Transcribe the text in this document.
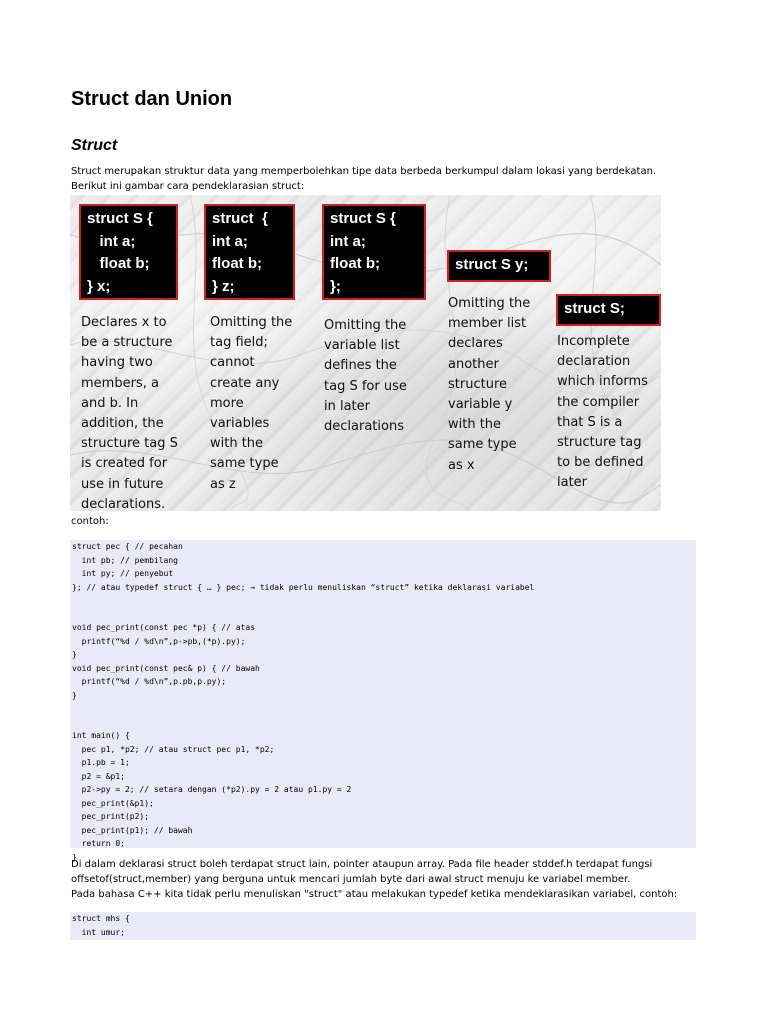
Struct dan Union
Struct
Struct merupakan struktur data yang memperbolehkan tipe data berbeda berkumpul dalam lokasi yang berdekatan.
Berikut ini gambar cara pendeklarasian struct:
struct S {
int a;
float b;
} x;
Declares x to
be a structure
having two
members, a
and b. In
addition, the
structure tag S
is created for
use in future
declarations.
struct  {
int a;
float b;
} z;
Omitting the
tag field;
cannot
create any
more
variables
with the
same type
as z
struct S {
int a;
float b;
};
Omitting the
variable list
defines the
tag S for use
in later
declarations
struct S y;
Omitting the
member list
declares
another
structure
variable y
with the
same type
as x
struct S;
Incomplete
declaration
which informs
the compiler
that S is a
structure tag
to be defined
later
contoh:
struct pec { // pecahan
int pb; // pembilang
int py; // penyebut
}; // atau typedef struct { … } pec; → tidak perlu menuliskan “struct” ketika deklarasi variabel
void pec_print(const pec *p) { // atas
printf(“%d / %d\n”,p->pb,(*p).py);
}
void pec_print(const pec& p) { // bawah
printf(“%d / %d\n”,p.pb,p.py);
}
int main() {
pec p1, *p2; // atau struct pec p1, *p2;
p1.pb = 1;
p2 = &p1;
p2->py = 2; // setara dengan (*p2).py = 2 atau p1.py = 2
pec_print(&p1);
pec_print(p2);
pec_print(p1); // bawah
return 0;
}
Di dalam deklarasi struct boleh terdapat struct lain, pointer ataupun array. Pada file header stddef.h terdapat fungsi
offsetof(struct,member) yang berguna untuk mencari jumlah byte dari awal struct menuju ke variabel member.
Pada bahasa C++ kita tidak perlu menuliskan "struct" atau melakukan typedef ketika mendeklarasikan variabel, contoh:
struct mhs {
int umur;
